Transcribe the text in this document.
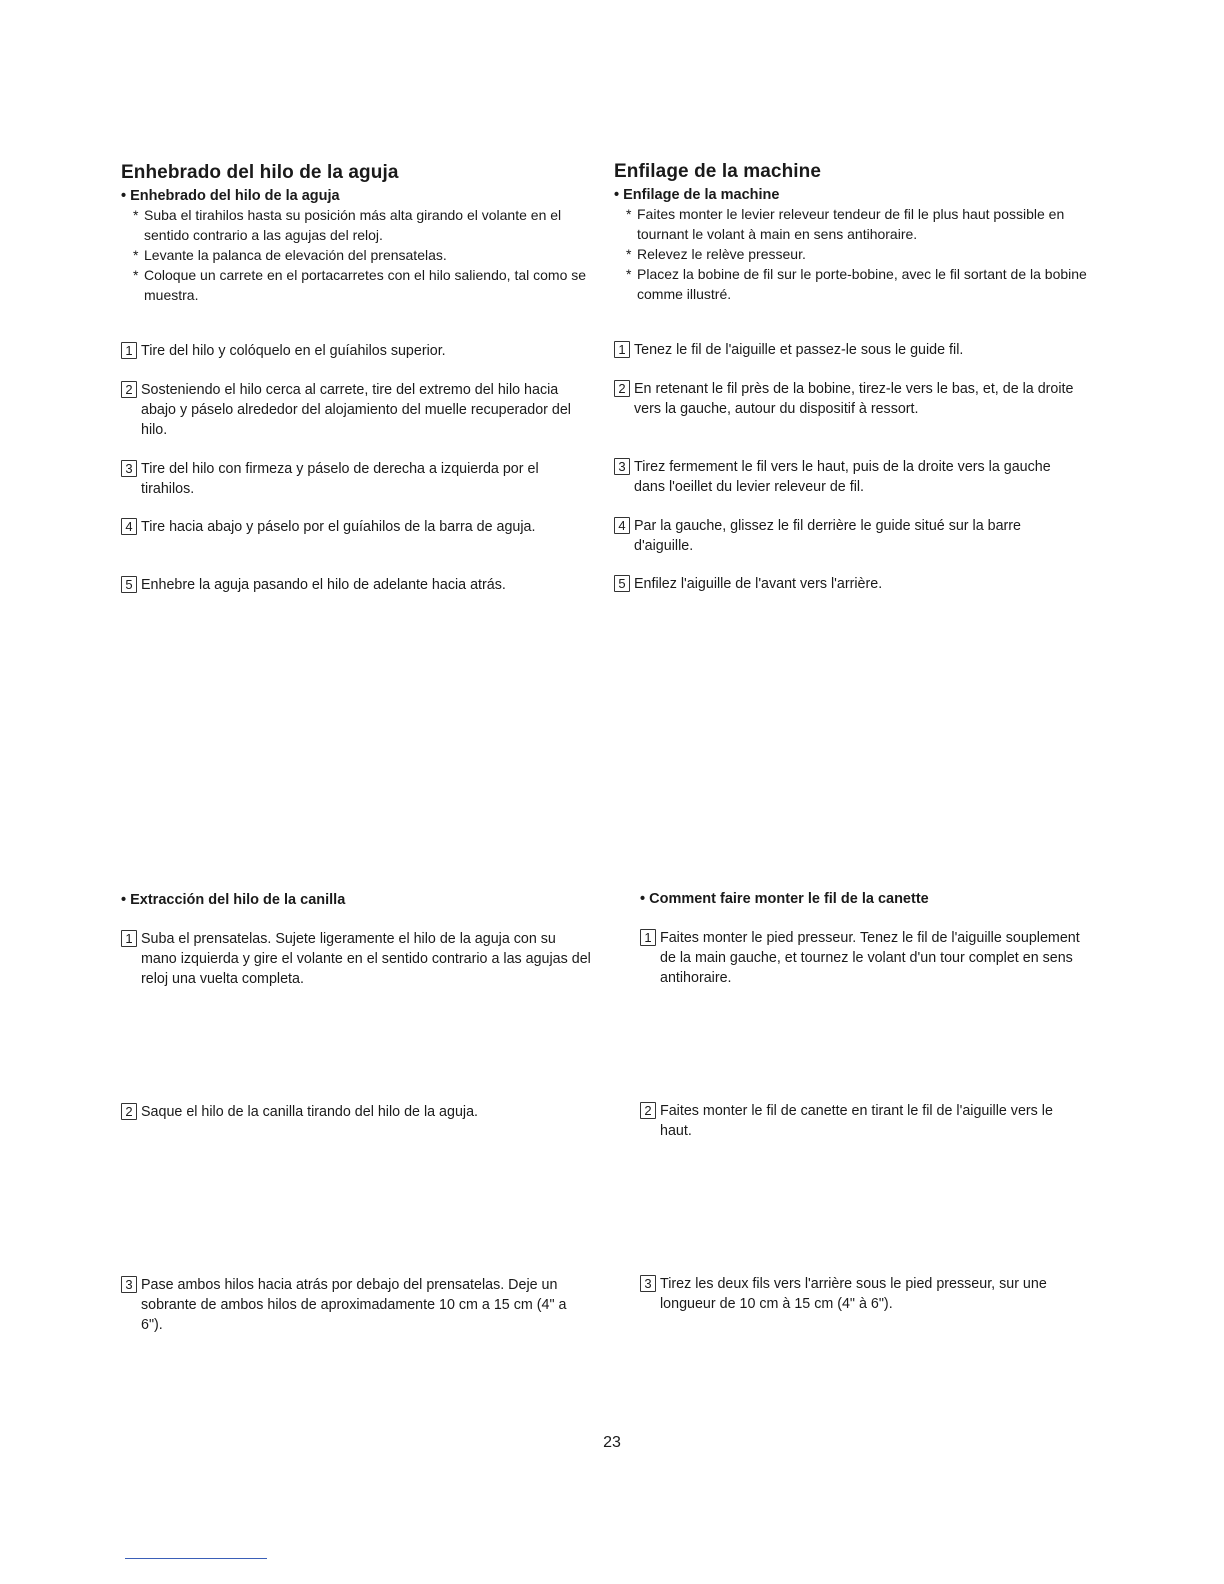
Enhebrado del hilo de la aguja

• Enhebrado del hilo de la aguja

* Suba el tirahilos hasta su posición más alta girando el volante en el sentido contrario a las agujas del reloj.
* Levante la palanca de elevación del prensatelas.
* Coloque un carrete en el portacarretes con el hilo saliendo, tal como se muestra.
1 Tire del hilo y colóquelo en el guíahilos superior.
2 Sosteniendo el hilo cerca al carrete, tire del extremo del hilo hacia abajo y páselo alrededor del alojamiento del muelle recuperador del hilo.
3 Tire del hilo con firmeza y páselo de derecha a izquierda por el tirahilos.
4 Tire hacia abajo y páselo por el guíahilos de la barra de aguja.
5 Enhebre la aguja pasando el hilo de adelante hacia atrás.

• Extracción del hilo de la canilla

1 Suba el prensatelas. Sujete ligeramente el hilo de la aguja con su mano izquierda y gire el volante en el sentido contrario a las agujas del reloj una vuelta completa.
2 Saque el hilo de la canilla tirando del hilo de la aguja.
3 Pase ambos hilos hacia atrás por debajo del prensatelas. Deje un sobrante de ambos hilos de aproximadamente 10 cm a 15 cm (4" a 6").
Enfilage de la machine

• Enfilage de la machine

* Faites monter le levier releveur tendeur de fil le plus haut possible en tournant le volant à main en sens antihoraire.
* Relevez le relève presseur.
* Placez la bobine de fil sur le porte-bobine, avec le fil sortant de la bobine comme illustré.
1 Tenez le fil de l'aiguille et passez-le sous le guide fil.
2 En retenant le fil près de la bobine, tirez-le vers le bas, et, de la droite vers la gauche, autour du dispositif à ressort.
3 Tirez fermement le fil vers le haut, puis de la droite vers la gauche dans l'oeillet du levier releveur de fil.
4 Par la gauche, glissez le fil derrière le guide situé sur la barre d'aiguille.
5 Enfilez l'aiguille de l'avant vers l'arrière.

• Comment faire monter le fil de la canette

1 Faites monter le pied presseur. Tenez le fil de l'aiguille souplement de la main gauche, et tournez le volant d'un tour complet en sens antihoraire.
2 Faites monter le fil de canette en tirant le fil de l'aiguille vers le haut.
3 Tirez les deux fils vers l'arrière sous le pied presseur, sur une longueur de 10 cm à 15 cm (4" à 6").
23
